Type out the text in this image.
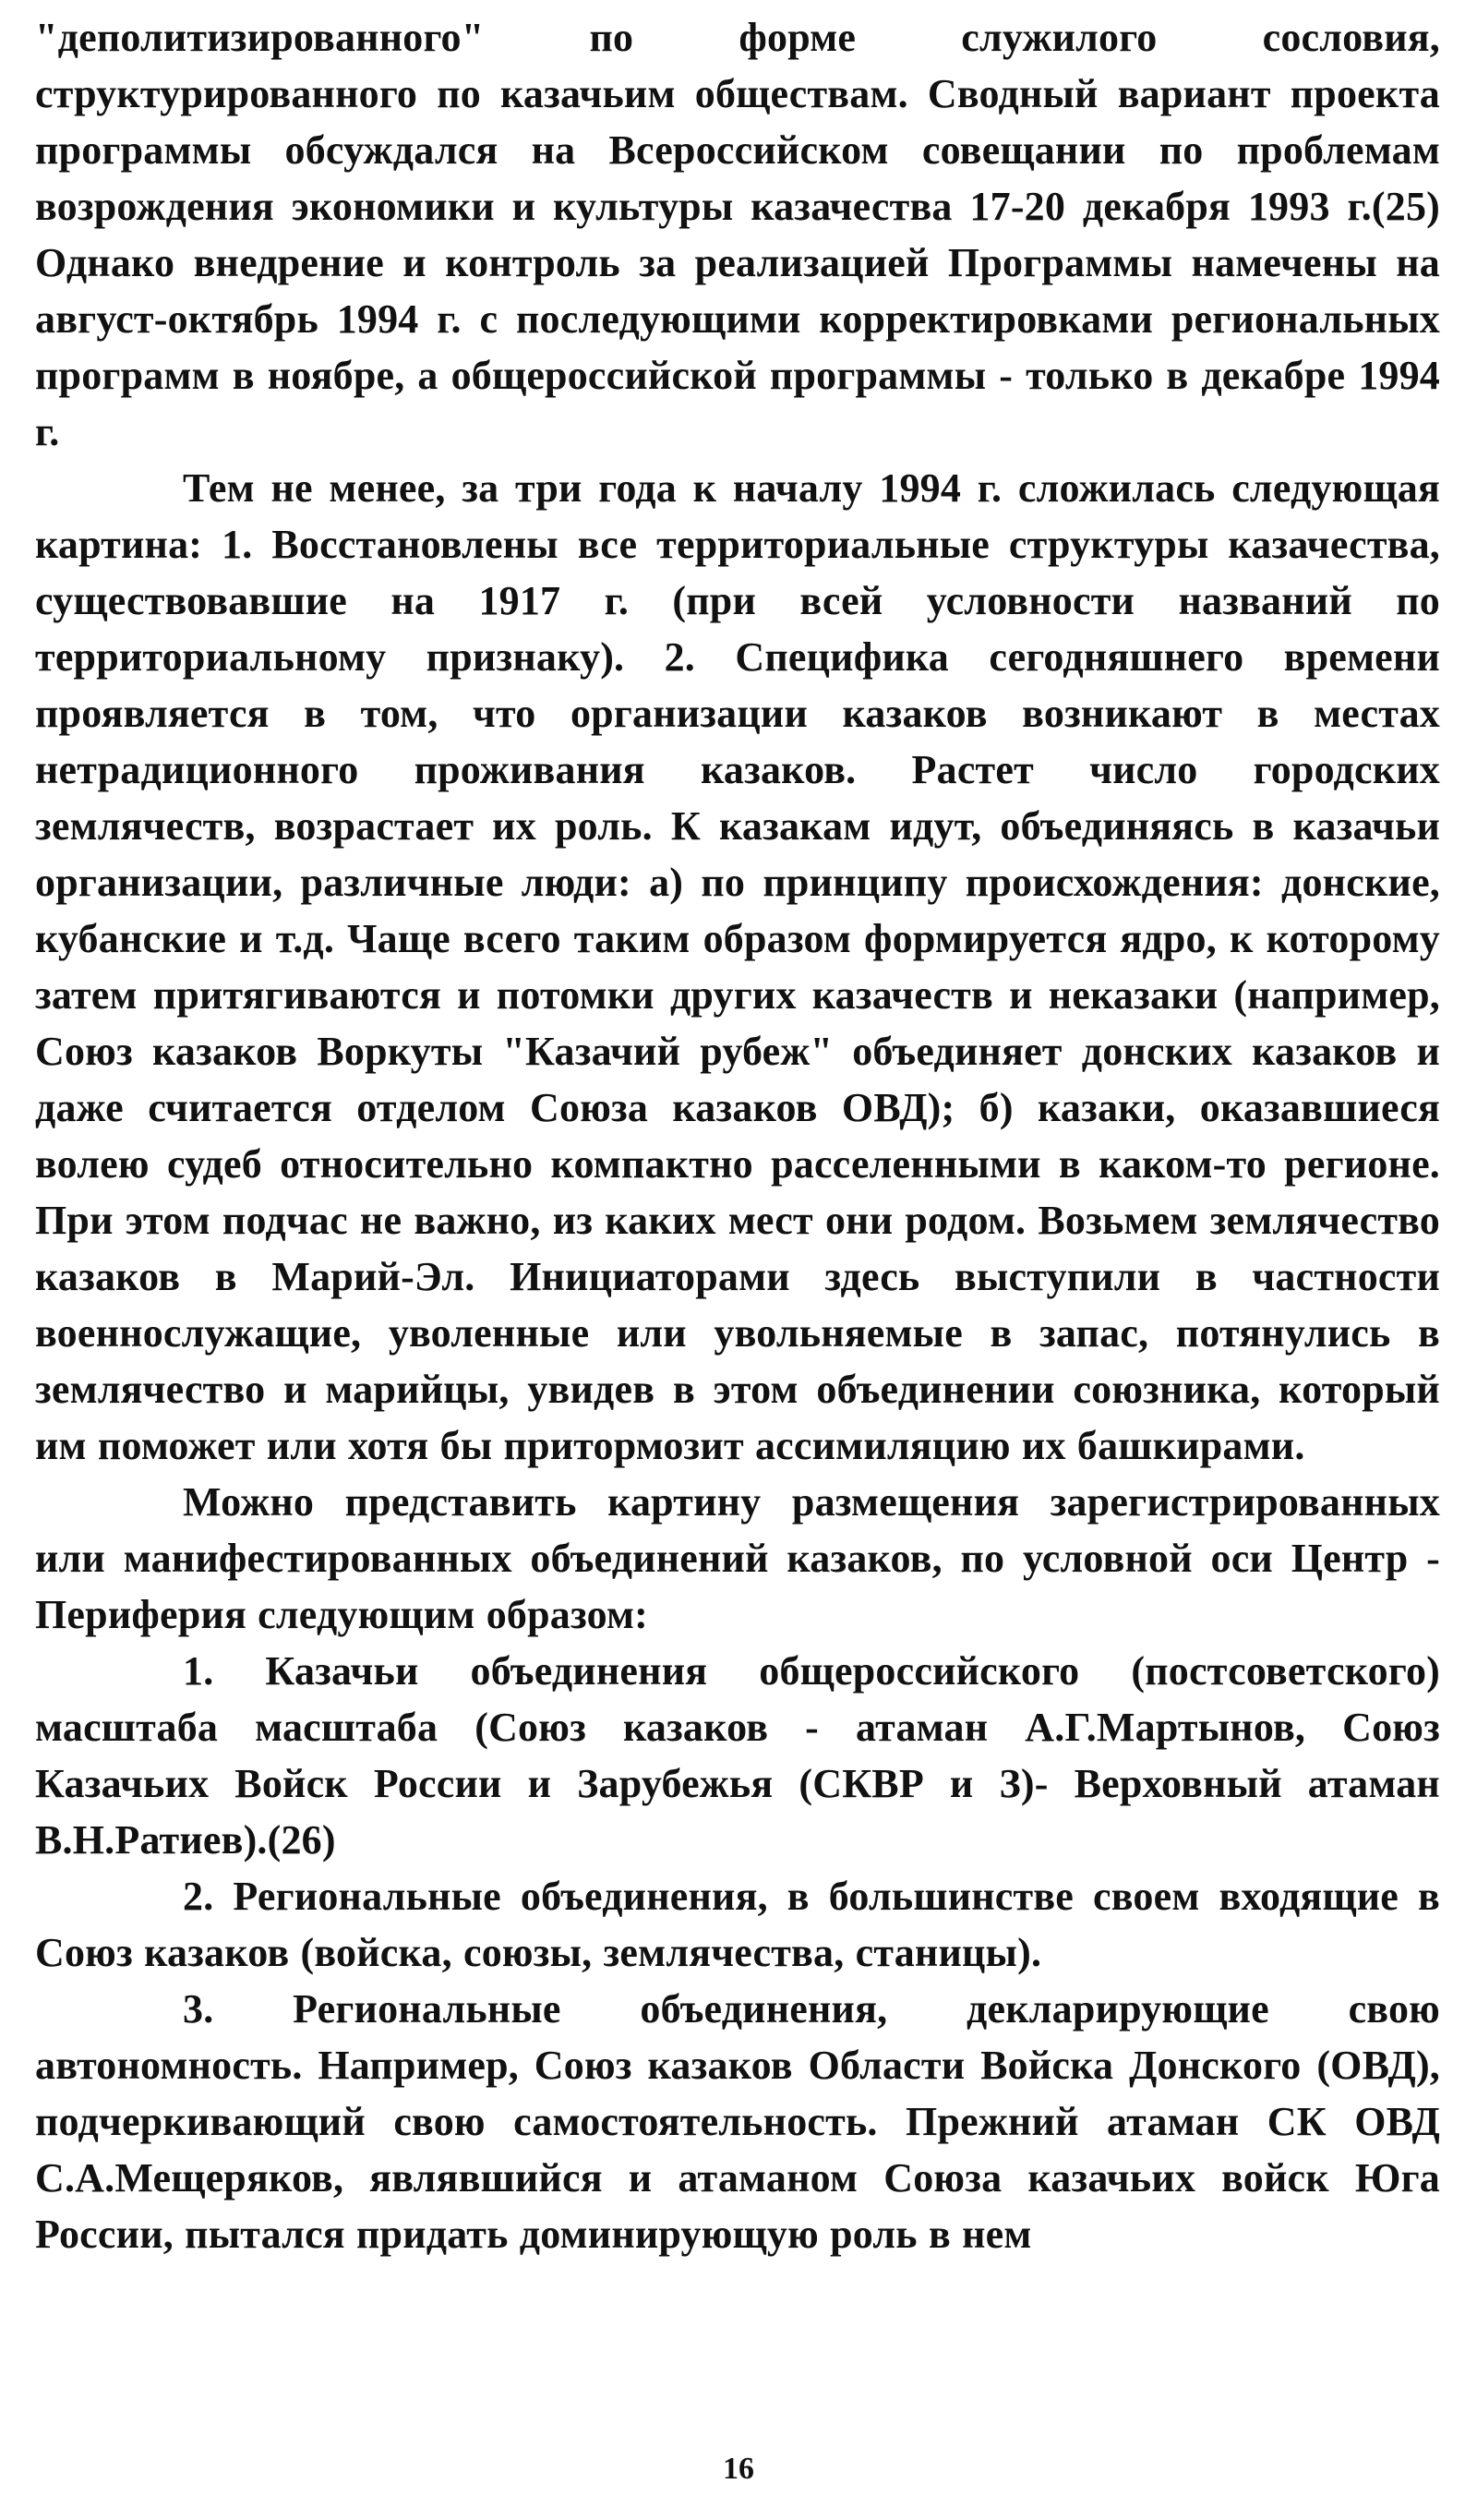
"деполитизированного" по форме служилого сословия, структурированного по казачьим обществам. Сводный вариант проекта программы обсуждался на Всероссийском совещании по проблемам возрождения экономики и культуры казачества 17-20 декабря 1993 г.(25) Однако внедрение и контроль за реализацией Программы намечены на август-октябрь 1994 г. с последующими корректировками региональных программ в ноябре, а общероссийской программы - только в декабре 1994 г.

Тем не менее, за три года к началу 1994 г. сложилась следующая картина: 1. Восстановлены все территориальные структуры казачества, существовавшие на 1917 г. (при всей условности названий по территориальному признаку). 2. Специфика сегодняшнего времени проявляется в том, что организации казаков возникают в местах нетрадиционного проживания казаков. Растет число городских землячеств, возрастает их роль. К казакам идут, объединяясь в казачьи организации, различные люди: а) по принципу происхождения: донские, кубанские и т.д. Чаще всего таким образом формируется ядро, к которому затем притягиваются и потомки других казачеств и неказаки (например, Союз казаков Воркуты "Казачий рубеж" объединяет донских казаков и даже считается отделом Союза казаков ОВД); б) казаки, оказавшиеся волею судеб относительно компактно расселенными в каком-то регионе. При этом подчас не важно, из каких мест они родом. Возьмем землячество казаков в Марий-Эл. Инициаторами здесь выступили в частности военнослужащие, уволенные или увольняемые в запас, потянулись в землячество и марийцы, увидев в этом объединении союзника, который им поможет или хотя бы притормозит ассимиляцию их башкирами.

Можно представить картину размещения зарегистрированных или манифестированных объединений казаков, по условной оси Центр - Периферия следующим образом:

1. Казачьи объединения общероссийского (постсоветского) масштаба масштаба (Союз казаков - атаман А.Г.Мартынов, Союз Казачьих Войск России и Зарубежья (СКВР и З)- Верховный атаман В.Н.Ратиев).(26)

2. Региональные объединения, в большинстве своем входящие в Союз казаков (войска, союзы, землячества, станицы).

3. Региональные объединения, декларирующие свою автономность. Например, Союз казаков Области Войска Донского (ОВД), подчеркивающий свою самостоятельность. Прежний атаман СК ОВД С.А.Мещеряков, являвшийся и атаманом Союза казачьих войск Юга России, пытался придать доминирующую роль в нем

16
